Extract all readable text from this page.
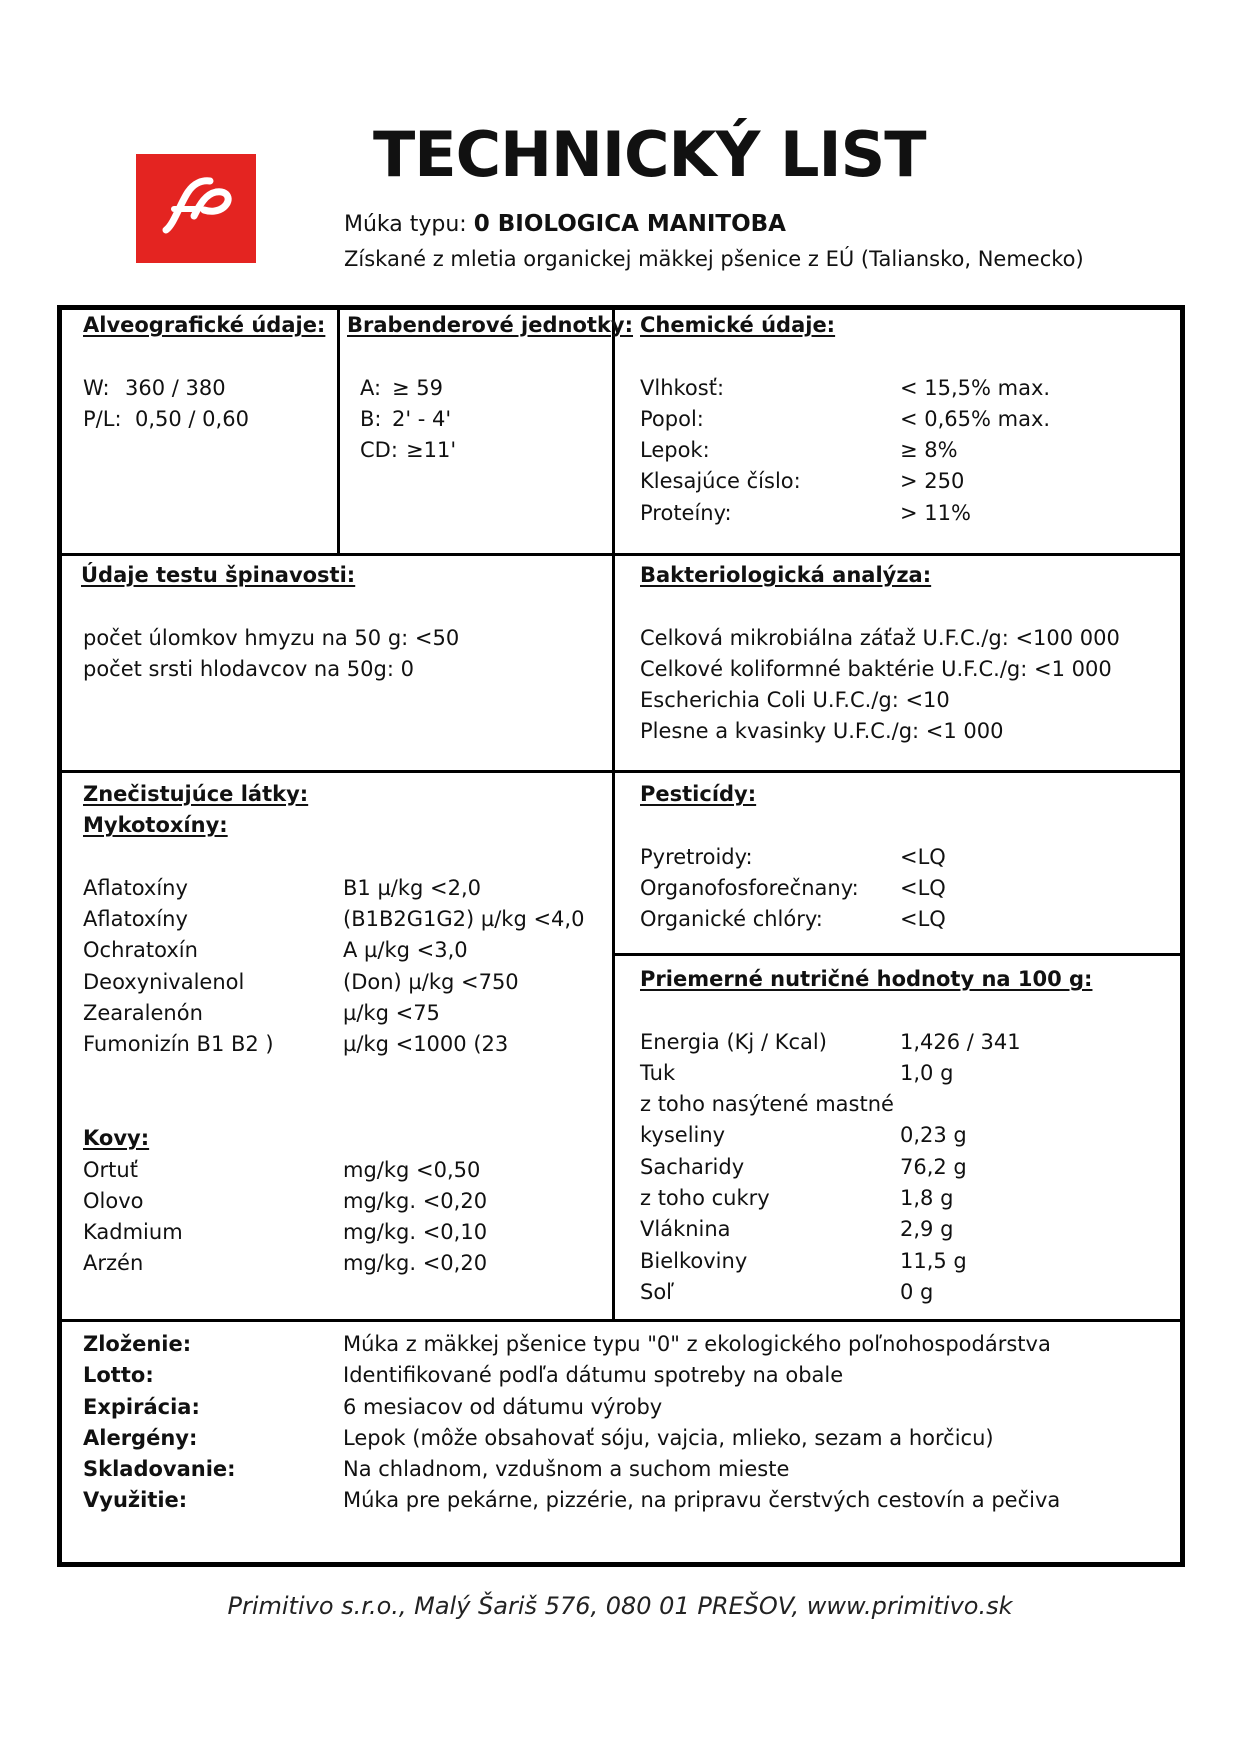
TECHNICKÝ LIST
Múka typu: 0 BIOLOGICA MANITOBA
Získané z mletia organickej mäkkej pšenice z EÚ (Taliansko, Nemecko)
Alveografické údaje:
W: 360 / 380
P/L: 0,50 / 0,60
Brabenderové jednotky:
A: ≥ 59
B: 2' - 4'
CD: ≥11'
Chemické údaje:
Vlhkosť:	< 15,5% max.
Popol:	< 0,65% max.
Lepok:	≥ 8%
Klesajúce číslo:	> 250
Proteíny:	> 11%
Údaje testu špinavosti:
počet úlomkov hmyzu na 50 g: <50
počet srsti hlodavcov na 50g: 0
Bakteriologická analýza:
Celková mikrobiálna záťaž U.F.C./g: <100 000
Celkové koliformné baktérie U.F.C./g: <1 000
Escherichia Coli U.F.C./g: <10
Plesne a kvasinky U.F.C./g: <1 000
Znečistujúce látky:
Mykotoxíny:
Aflatoxíny	B1 µ/kg <2,0
Aflatoxíny	(B1B2G1G2) µ/kg <4,0
Ochratoxín	A µ/kg <3,0
Deoxynivalenol	(Don) µ/kg <750
Zearalenón	µ/kg <75
Fumonizín B1 B2 )	µ/kg <1000 (23
Kovy:
Ortuť	mg/kg <0,50
Olovo	mg/kg. <0,20
Kadmium	mg/kg. <0,10
Arzén	mg/kg. <0,20
Pesticídy:
Pyretroidy:	<LQ
Organofosforečnany:	<LQ
Organické chlóry:	<LQ
Priemerné nutričné hodnoty na 100 g:
Energia (Kj / Kcal)	1,426 / 341
Tuk	1,0 g
z toho nasýtené mastné
kyseliny	0,23 g
Sacharidy	76,2 g
z toho cukry	1,8 g
Vláknina	2,9 g
Bielkoviny	11,5 g
Soľ	0 g
Zloženie:	Múka z mäkkej pšenice typu "0" z ekologického poľnohospodárstva
Lotto:	Identifikované podľa dátumu spotreby na obale
Expirácia:	6 mesiacov od dátumu výroby
Alergény:	Lepok (môže obsahovať sóju, vajcia, mlieko, sezam a horčicu)
Skladovanie:	Na chladnom, vzdušnom a suchom mieste
Využitie:	Múka pre pekárne, pizzérie, na pripravu čerstvých cestovín a pečiva
Primitivo s.r.o., Malý Šariš 576, 080 01 PREŠOV, www.primitivo.sk
